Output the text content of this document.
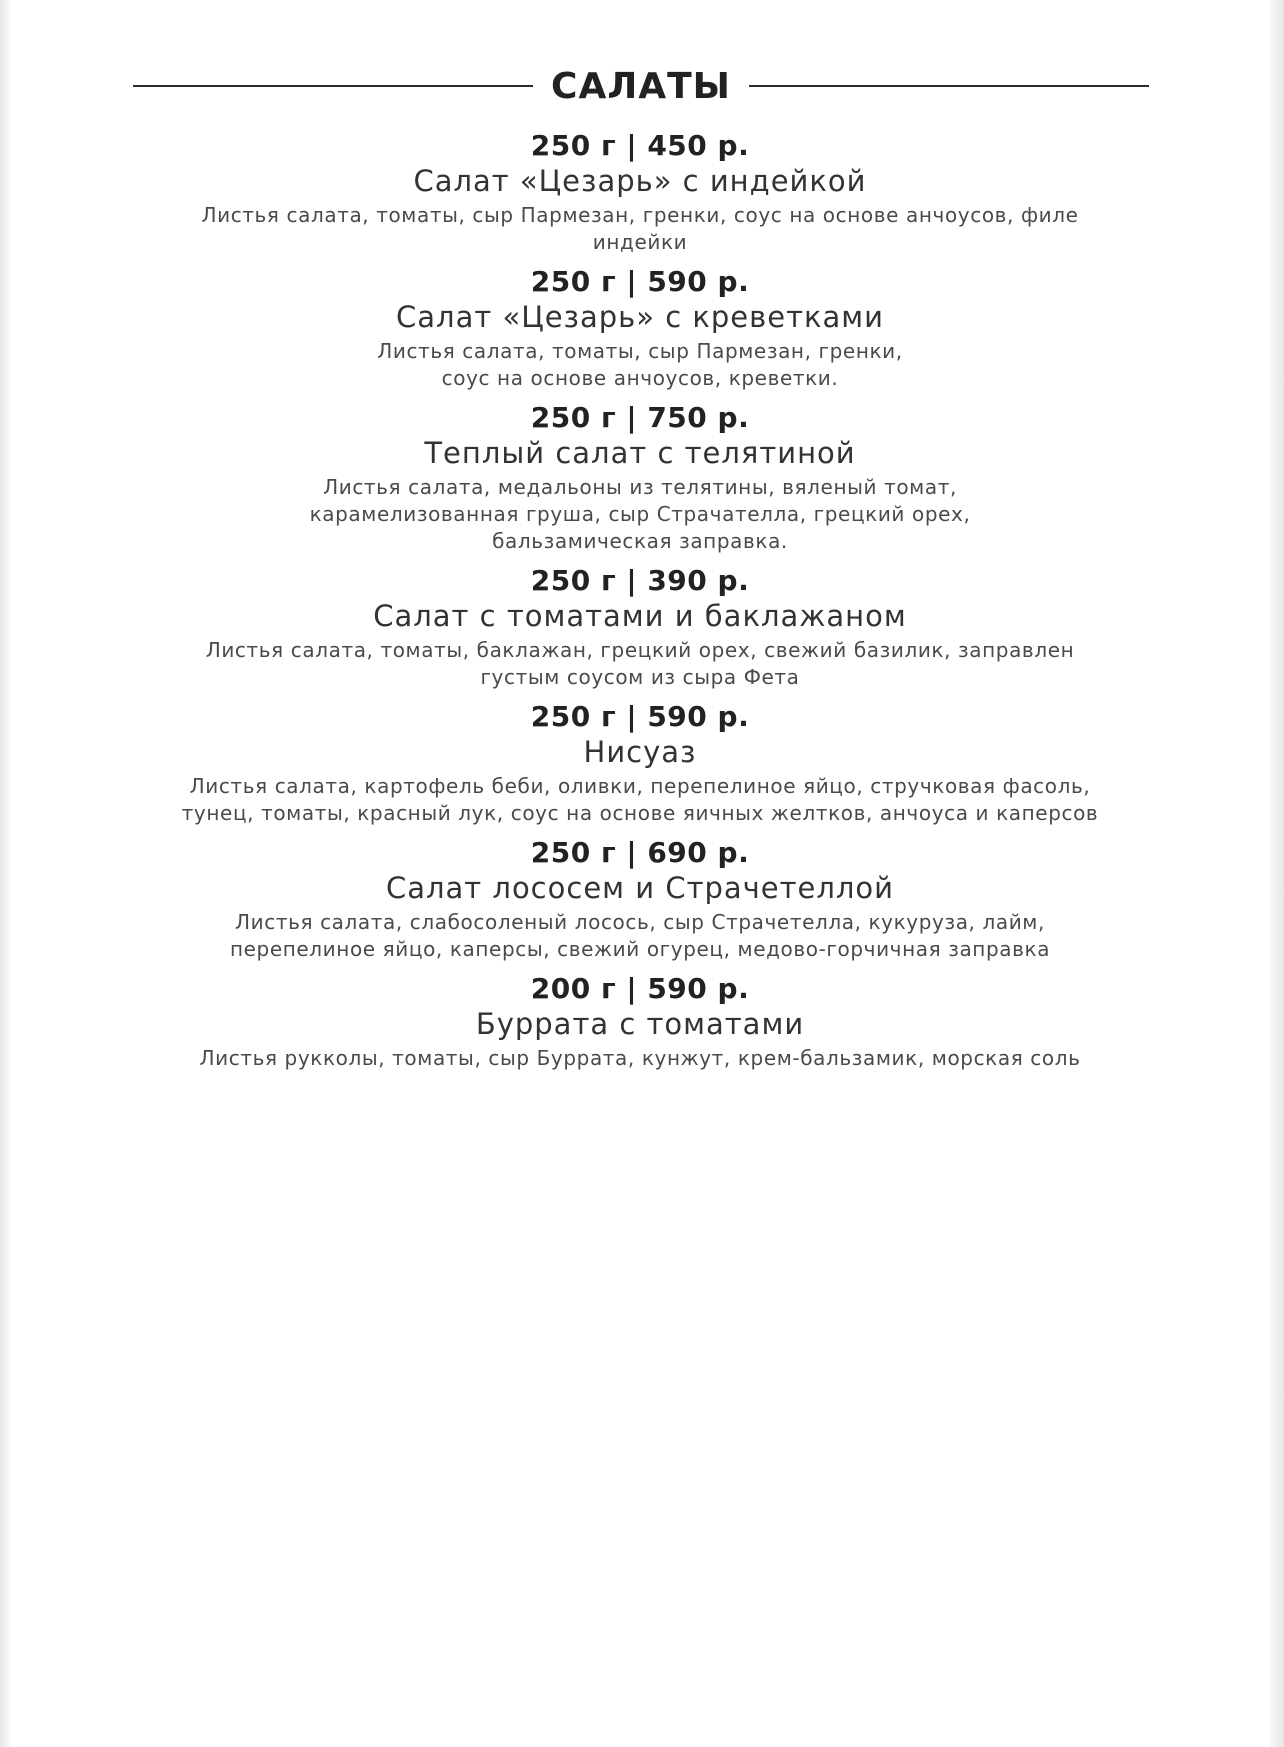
САЛАТЫ
250 г | 450 р.
Салат «Цезарь» с индейкой
Листья салата, томаты, сыр Пармезан, гренки, соус на основе анчоусов, филе
индейки
250 г | 590 р.
Салат «Цезарь» с креветками
Листья салата, томаты, сыр Пармезан, гренки,
соус на основе анчоусов, креветки.
250 г | 750 р.
Теплый салат с телятиной
Листья салата, медальоны из телятины, вяленый томат,
карамелизованная груша, сыр Страчателла, грецкий орех,
бальзамическая заправка.
250 г | 390 р.
Салат с томатами и баклажаном
Листья салата, томаты, баклажан, грецкий орех, свежий базилик, заправлен
густым соусом из сыра Фета
250 г | 590 р.
Нисуаз
Листья салата, картофель беби, оливки, перепелиное яйцо, стручковая фасоль,
тунец, томаты, красный лук, соус на основе яичных желтков, анчоуса и каперсов
250 г | 690 р.
Салат лососем и Страчетеллой
Листья салата, слабосоленый лосось, сыр Страчетелла, кукуруза, лайм,
перепелиное яйцо, каперсы, свежий огурец, медово-горчичная заправка
200 г | 590 р.
Буррата с томатами
Листья рукколы, томаты, сыр Буррата, кунжут, крем-бальзамик, морская соль
